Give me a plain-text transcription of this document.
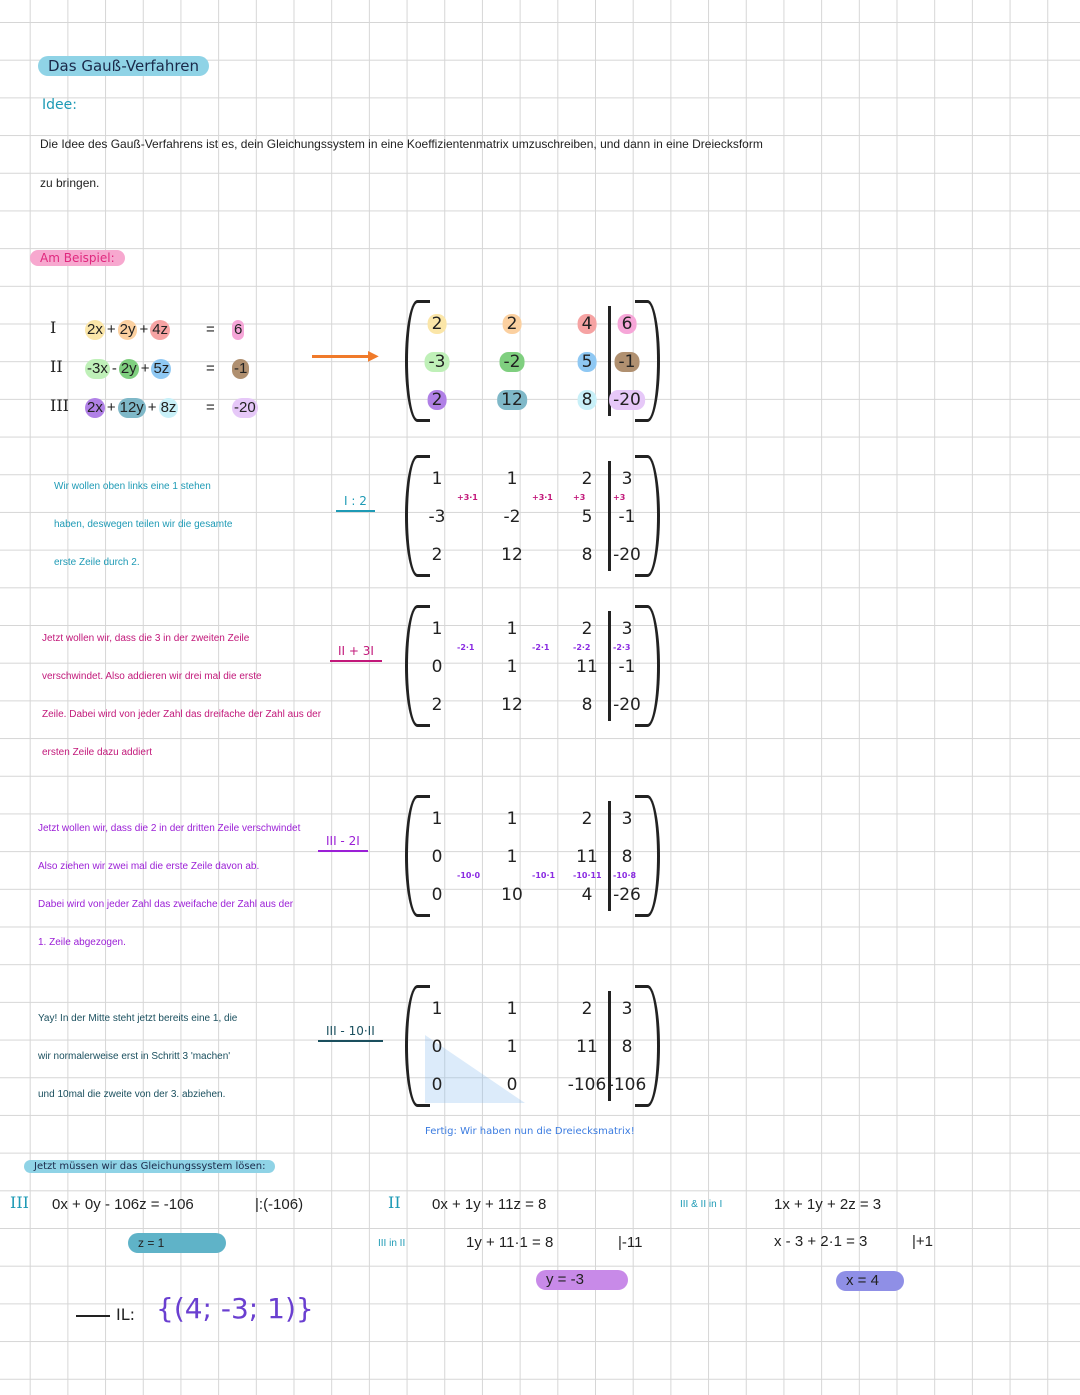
Das Gauß-Verfahren
Idee:
Die Idee des Gauß-Verfahrens ist es, dein Gleichungssystem in eine Koeffizientenmatrix umzuschreiben, und dann in eine Dreiecksform
zu bringen.
Am Beispiel:
I 2x + 2y + 4z	= 6
II -3x - 2y + 5z = -1
III 2x + 12y + 8z = -20
▶
2	2	4 6
-3	-2	5 -1
2	12	8 -20
1	1	2 3
-3	-2	5 -1
2	12	8 -20
+3·1	+3·1	+3	+3
1	1	2 3
0	1	11 -1
2	12	8 -20
-2·1	-2·1	-2·2	-2·3
1	1	2 3
0	1	11 8
0	10	4 -26
-10·0	-10·1 -10·11 -10·8
1	1	2 3
0	1	11 8
0	0	-106 -106
Wir wollen oben links eine 1 stehen
haben, deswegen teilen wir die gesamte
erste Zeile durch 2.
I : 2
Jetzt wollen wir, dass die 3 in der zweiten Zeile
verschwindet. Also addieren wir drei mal die erste
Zeile. Dabei wird von jeder Zahl das dreifache der Zahl aus der
ersten Zeile dazu addiert
II + 3I
Jetzt wollen wir, dass die 2 in der dritten Zeile verschwindet
Also ziehen wir zwei mal die erste Zeile davon ab.
Dabei wird von jeder Zahl das zweifache der Zahl aus der
1. Zeile abgezogen.
III - 2I
Yay! In der Mitte steht jetzt bereits eine 1, die
wir normalerweise erst in Schritt 3 'machen'
und 10mal die zweite von der 3. abziehen.
III - 10·II
Fertig: Wir haben nun die Dreiecksmatrix!
Jetzt müssen wir das Gleichungssystem lösen:
III 0x + 0y - 106z = -106	|:(-106)
z = 1
II 0x + 1y + 11z = 8
III in II	1y + 11·1 = 8	|-11
y = -3
III & II in I	1x + 1y + 2z = 3
x - 3 + 2·1 = 3	|+1
x = 4
IL: {(4; -3; 1)}
